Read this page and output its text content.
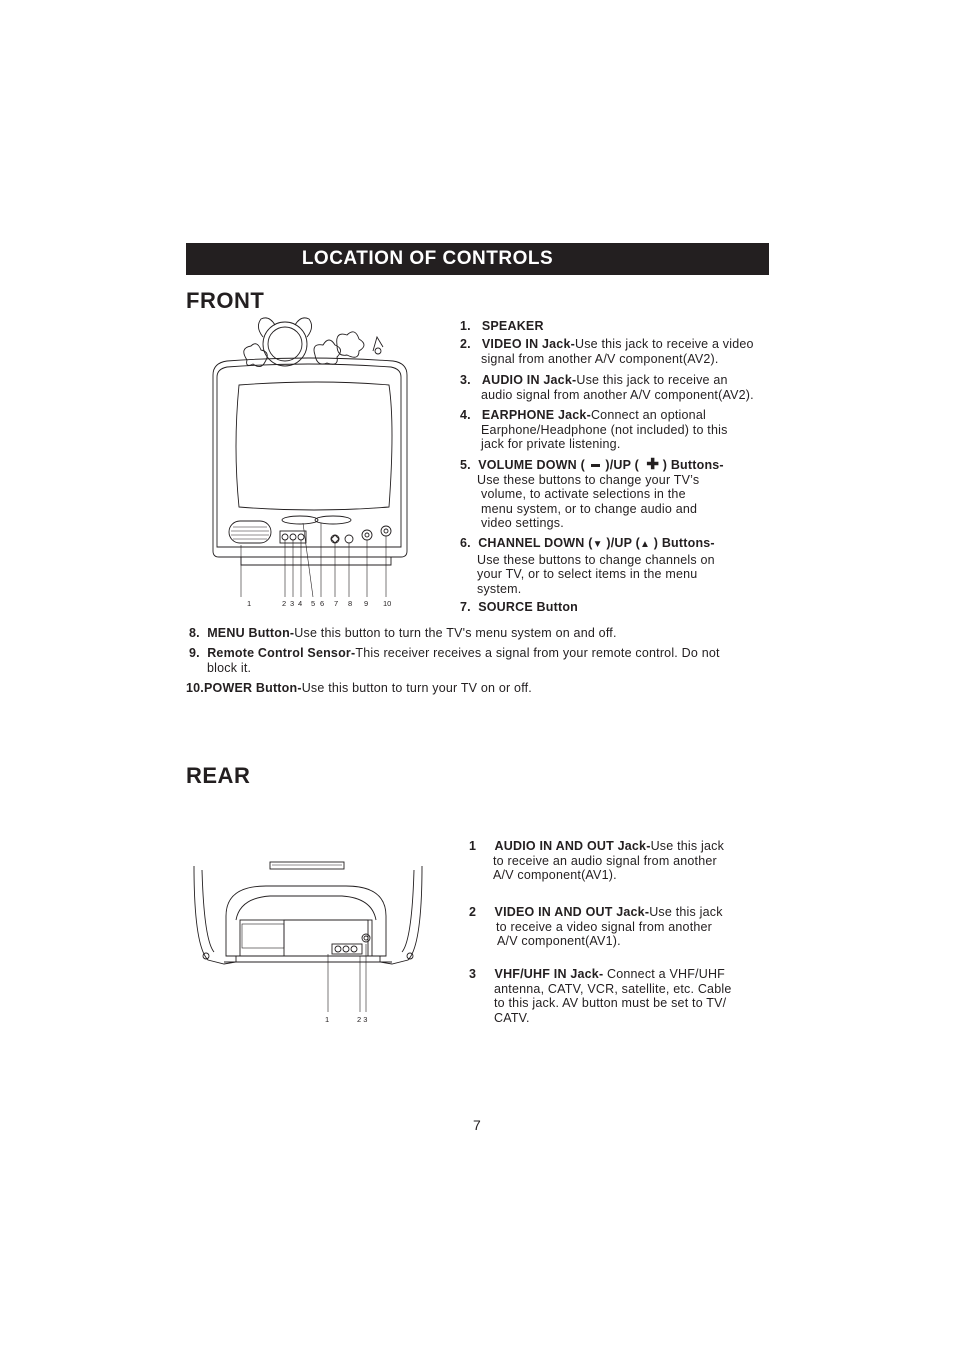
LOCATION OF CONTROLS
FRONT
1	2 3 4 5 6 7 8 9 10
1. SPEAKER
2. VIDEO IN Jack-Use this jack to receive a video
signal from another A/V component(AV2).
3. AUDIO IN Jack-Use this jack to receive an
audio signal from another A/V component(AV2).
4. EARPHONE Jack-Connect an optional
Earphone/Headphone (not included) to this
jack for private listening.
5. VOLUME DOWN ( )/UP ( ✚ ) Buttons-
Use these buttons to change your TV’s
volume, to activate selections in the
menu system, or to change audio and
video settings.
6. CHANNEL DOWN (▼ )/UP (▲ ) Buttons-
Use these buttons to change channels on
your TV, or to select items in the menu
system.
7. SOURCE Button
8. MENU Button-Use this button to turn the TV's menu system on and off.
9. Remote Control Sensor-This receiver receives a signal from your remote control. Do not
block it.
10.POWER Button-Use this button to turn your TV on or off.
REAR
1	2 3
1 AUDIO IN AND OUT Jack-Use this jack
to receive an audio signal from another
A/V component(AV1).
2 VIDEO IN AND OUT Jack-Use this jack
to receive a video signal from another
A/V component(AV1).
3 VHF/UHF IN Jack- Connect a VHF/UHF
antenna, CATV, VCR, satellite, etc. Cable
to this jack. AV button must be set to TV/
CATV.
7
